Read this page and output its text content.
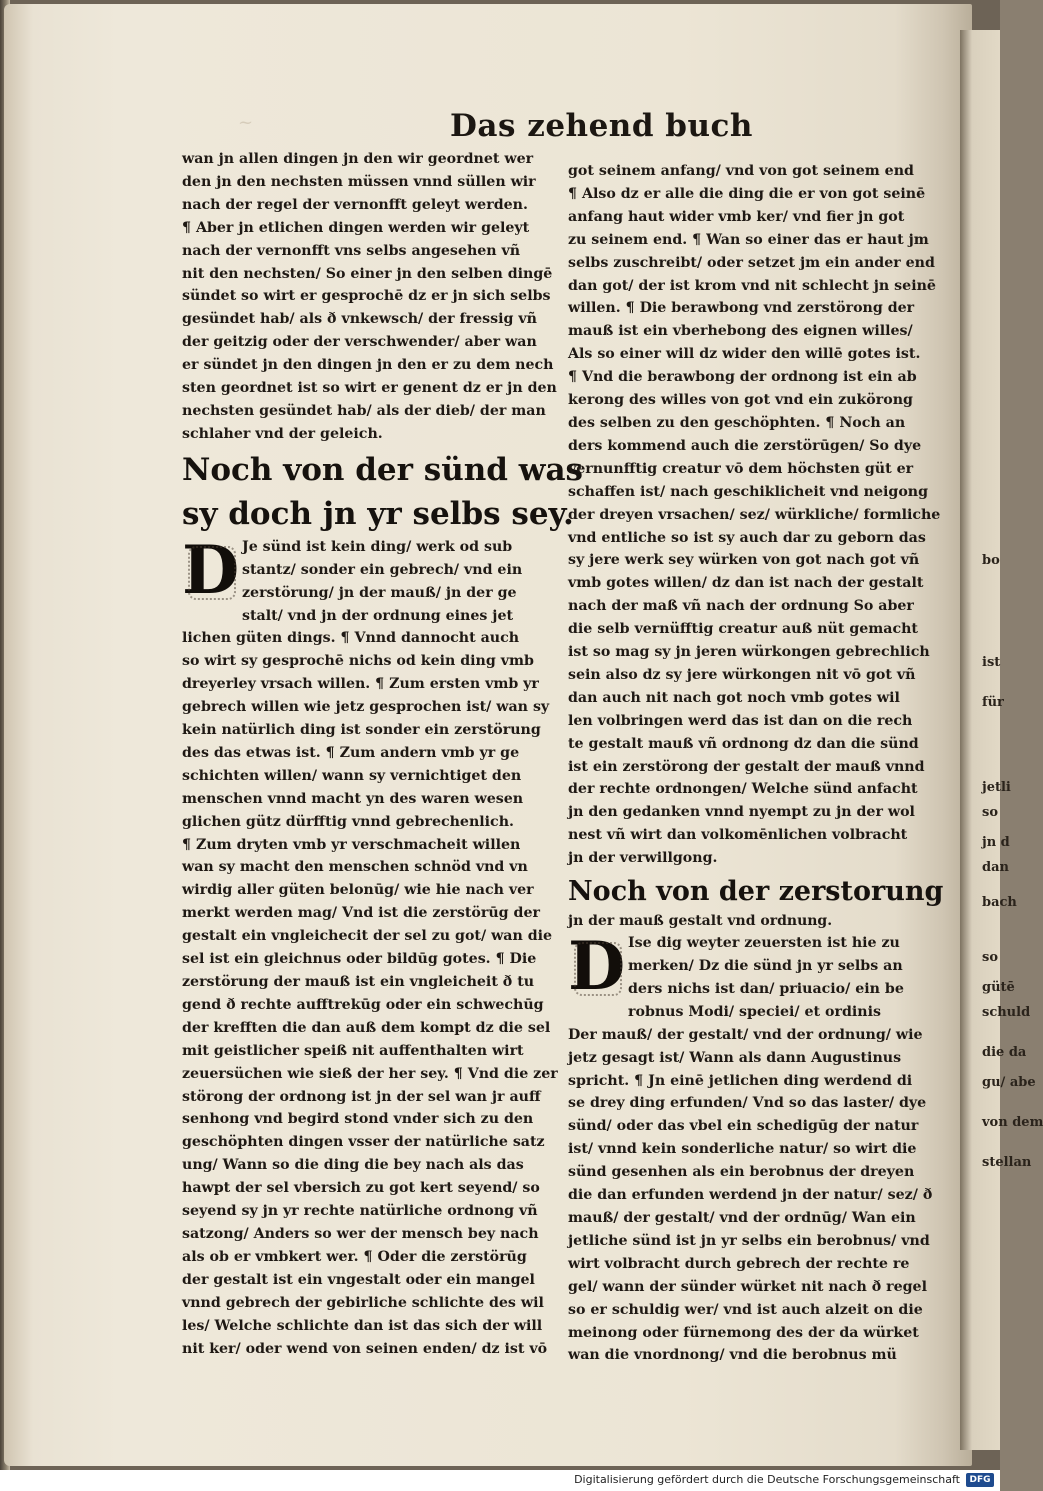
ist
für
bo
jetli
so
jn d
dan
bach
so
gütē
schuld
die da
gu/ abe
von dem
stellan
~	Das zehend buch
wan jn allen dingen jn den wir geordnet wer
den jn den nechsten müssen vnnd süllen wir
nach der regel der vernonfft geleyt werden.
¶ Aber jn etlichen dingen werden wir geleyt
nach der vernonfft vns selbs angesehen vñ
nit den nechsten/ So einer jn den selben dingē
sündet so wirt er gesprochē dz er jn sich selbs
gesündet hab/ als ð vnkewsch/ der fressig vñ
der geitzig oder der verschwender/ aber wan
er sündet jn den dingen jn den er zu dem nech
sten geordnet ist so wirt er genent dz er jn den
nechsten gesündet hab/ als der dieb/ der man
schlaher vnd der geleich.
Noch von der sünd was
sy doch jn yr selbs sey.
D Je sünd ist kein ding/ werk od sub
stantz/ sonder ein gebrech/ vnd ein
zerstörung/ jn der mauß/ jn der ge
stalt/ vnd jn der ordnung eines jet
lichen güten dings. ¶ Vnnd dannocht auch
so wirt sy gesprochē nichs od kein ding vmb
dreyerley vrsach willen. ¶ Zum ersten vmb yr
gebrech willen wie jetz gesprochen ist/ wan sy
kein natürlich ding ist sonder ein zerstörung
des das etwas ist. ¶ Zum andern vmb yr ge
schichten willen/ wann sy vernichtiget den
menschen vnnd macht yn des waren wesen
glichen gütz dürfftig vnnd gebrechenlich.
¶ Zum dryten vmb yr verschmacheit willen
wan sy macht den menschen schnöd vnd vn
wirdig aller güten belonūg/ wie hie nach ver
merkt werden mag/ Vnd ist die zerstörūg der
gestalt ein vngleichecit der sel zu got/ wan die
sel ist ein gleichnus oder bildūg gotes. ¶ Die
zerstörung der mauß ist ein vngleicheit ð tu
gend ð rechte aufftrekūg oder ein schwechūg
der krefften die dan auß dem kompt dz die sel
mit geistlicher speiß nit auffenthalten wirt
zeuersüchen wie sieß der her sey. ¶ Vnd die zer
störong der ordnong ist jn der sel wan jr auff
senhong vnd begird stond vnder sich zu den
geschöphten dingen vsser der natürliche satz
ung/ Wann so die ding die bey nach als das
hawpt der sel vbersich zu got kert seyend/ so
seyend sy jn yr rechte natürliche ordnong vñ
satzong/ Anders so wer der mensch bey nach
als ob er vmbkert wer. ¶ Oder die zerstörūg
der gestalt ist ein vngestalt oder ein mangel
vnnd gebrech der gebirliche schlichte des wil
les/ Welche schlichte dan ist das sich der will
nit ker/ oder wend von seinen enden/ dz ist vō
got seinem anfang/ vnd von got seinem end
¶ Also dz er alle die ding die er von got seinē
anfang haut wider vmb ker/ vnd fier jn got
zu seinem end. ¶ Wan so einer das er haut jm
selbs zuschreibt/ oder setzet jm ein ander end
dan got/ der ist krom vnd nit schlecht jn seinē
willen. ¶ Die berawbong vnd zerstörong der
mauß ist ein vberhebong des eignen willes/
Als so einer will dz wider den willē gotes ist.
¶ Vnd die berawbong der ordnong ist ein ab
kerong des willes von got vnd ein zukörong
des selben zu den geschöphten. ¶ Noch an
ders kommend auch die zerstörūgen/ So dye
vernunfftig creatur vō dem höchsten güt er
schaffen ist/ nach geschiklicheit vnd neigong
der dreyen vrsachen/ sez/ würkliche/ formliche
vnd entliche so ist sy auch dar zu geborn das
sy jere werk sey würken von got nach got vñ
vmb gotes willen/ dz dan ist nach der gestalt
nach der maß vñ nach der ordnung So aber
die selb vernüfftig creatur auß nüt gemacht
ist so mag sy jn jeren würkongen gebrechlich
sein also dz sy jere würkongen nit vō got vñ
dan auch nit nach got noch vmb gotes wil
len volbringen werd das ist dan on die rech
te gestalt mauß vñ ordnong dz dan die sünd
ist ein zerstörong der gestalt der mauß vnnd
der rechte ordnongen/ Welche sünd anfacht
jn den gedanken vnnd nyempt zu jn der wol
nest vñ wirt dan volkomēnlichen volbracht
jn der verwillgong.
Noch von der zerstorung
jn der mauß gestalt vnd ordnung.
D Ise dig weyter zeuersten ist hie zu
merken/ Dz die sünd jn yr selbs an
ders nichs ist dan/ priuacio/ ein be
robnus Modi/ speciei/ et ordinis
Der mauß/ der gestalt/ vnd der ordnung/ wie
jetz gesagt ist/ Wann als dann Augustinus
spricht. ¶ Jn einē jetlichen ding werdend di
se drey ding erfunden/ Vnd so das laster/ dye
sünd/ oder das vbel ein schedigūg der natur
ist/ vnnd kein sonderliche natur/ so wirt die
sünd gesenhen als ein berobnus der dreyen
die dan erfunden werdend jn der natur/ sez/ ð
mauß/ der gestalt/ vnd der ordnūg/ Wan ein
jetliche sünd ist jn yr selbs ein berobnus/ vnd
wirt volbracht durch gebrech der rechte re
gel/ wann der sünder würket nit nach ð regel
so er schuldig wer/ vnd ist auch alzeit on die
meinong oder fürnemong des der da würket
wan die vnordnong/ vnd die berobnus mü
Digitalisierung gefördert durch die Deutsche Forschungsgemeinschaft	DFG
